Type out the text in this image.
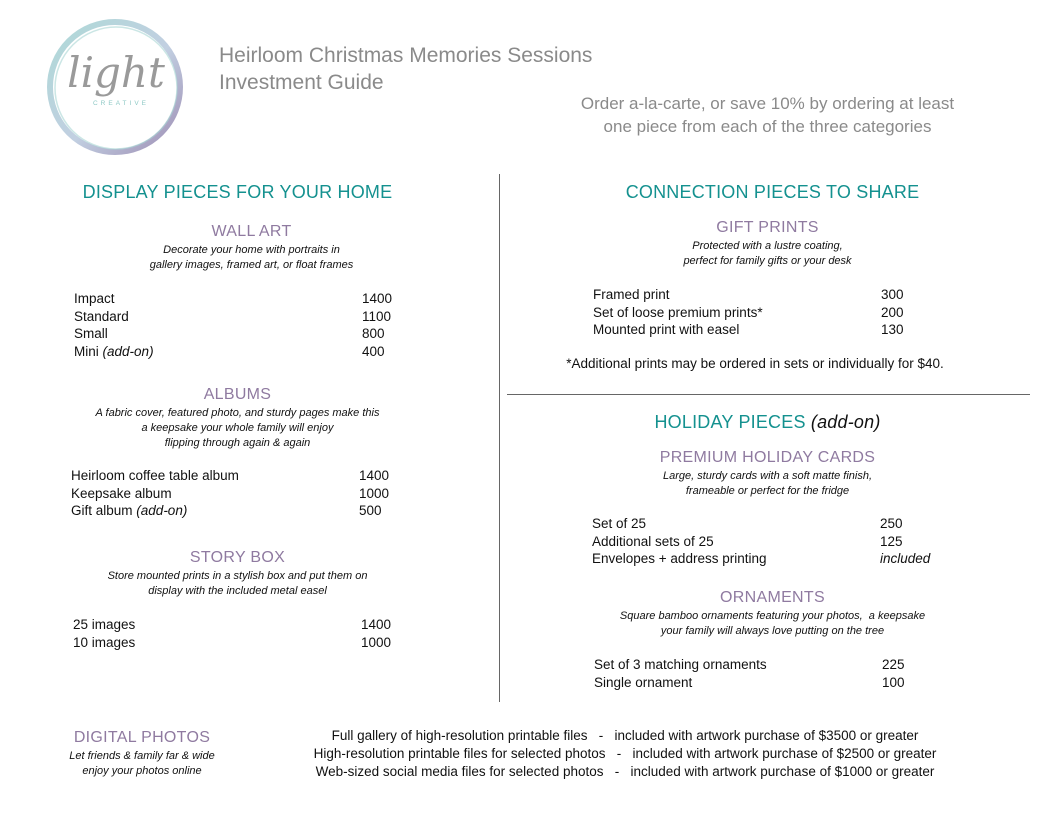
light
CREATIVE
Heirloom Christmas Memories Sessions
Investment Guide
Order a-la-carte, or save 10% by ordering at least
one piece from each of the three categories
DISPLAY PIECES FOR YOUR HOME
WALL ART
Decorate your home with portraits in
gallery images, framed art, or float frames
Impact	1400
Standard	1100
Small	800
Mini (add-on)	400
ALBUMS
A fabric cover, featured photo, and sturdy pages make this
a keepsake your whole family will enjoy
flipping through again & again
Heirloom coffee table album	1400
Keepsake album	1000
Gift album (add-on)	500
STORY BOX
Store mounted prints in a stylish box and put them on
display with the included metal easel
25 images	1400
10 images	1000
CONNECTION PIECES TO SHARE
GIFT PRINTS
Protected with a lustre coating,
perfect for family gifts or your desk
Framed print	300
Set of loose premium prints*	200
Mounted print with easel	130
*Additional prints may be ordered in sets or individually for $40.
HOLIDAY PIECES (add-on)
PREMIUM HOLIDAY CARDS
Large, sturdy cards with a soft matte finish,
frameable or perfect for the fridge
Set of 25	250
Additional sets of 25	125
Envelopes + address printing	included
ORNAMENTS
Square bamboo ornaments featuring your photos,  a keepsake
your family will always love putting on the tree
Set of 3 matching ornaments	225
Single ornament	100
DIGITAL PHOTOS
Let friends & family far & wide
enjoy your photos online
Full gallery of high-resolution printable files   -   included with artwork purchase of $3500 or greater
High-resolution printable files for selected photos   -   included with artwork purchase of $2500 or greater
Web-sized social media files for selected photos   -   included with artwork purchase of $1000 or greater
